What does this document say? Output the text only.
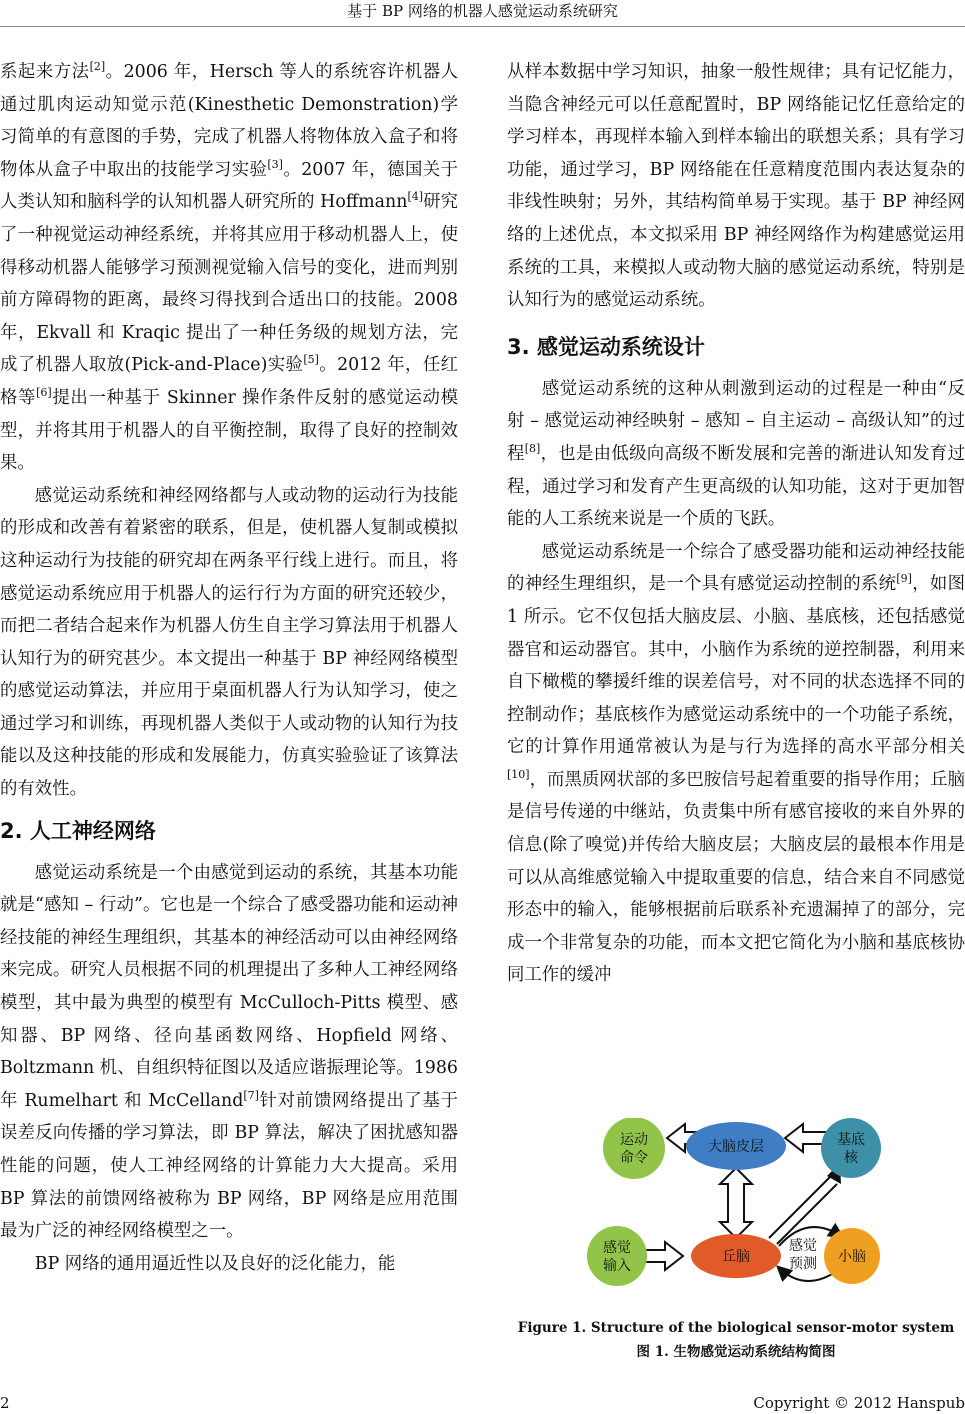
基于 BP 网络的机器人感觉运动系统研究

系起来方法[2]。2006 年，Hersch 等人的系统容许机器人通过肌肉运动知觉示范(Kinesthetic Demonstration)学习简单的有意图的手势，完成了机器人将物体放入盒子和将物体从盒子中取出的技能学习实验[3]。2007 年，德国关于人类认知和脑科学的认知机器人研究所的 Hoffmann[4]研究了一种视觉运动神经系统，并将其应用于移动机器人上，使得移动机器人能够学习预测视觉输入信号的变化，进而判别前方障碍物的距离，最终习得找到合适出口的技能。2008 年，Ekvall 和 Kraqic 提出了一种任务级的规划方法，完成了机器人取放(Pick-and-Place)实验[5]。2012 年，任红格等[6]提出一种基于 Skinner 操作条件反射的感觉运动模型，并将其用于机器人的自平衡控制，取得了良好的控制效果。

感觉运动系统和神经网络都与人或动物的运动行为技能的形成和改善有着紧密的联系，但是，使机器人复制或模拟这种运动行为技能的研究却在两条平行线上进行。而且，将感觉运动系统应用于机器人的运行行为方面的研究还较少，而把二者结合起来作为机器人仿生自主学习算法用于机器人认知行为的研究甚少。本文提出一种基于 BP 神经网络模型的感觉运动算法，并应用于桌面机器人行为认知学习，使之通过学习和训练，再现机器人类似于人或动物的认知行为技能以及这种技能的形成和发展能力，仿真实验验证了该算法的有效性。

2. 人工神经网络

感觉运动系统是一个由感觉到运动的系统，其基本功能就是“感知 – 行动”。它也是一个综合了感受器功能和运动神经技能的神经生理组织，其基本的神经活动可以由神经网络来完成。研究人员根据不同的机理提出了多种人工神经网络模型，其中最为典型的模型有 McCulloch-Pitts 模型、感知器、BP 网络、径向基函数网络、Hopfield 网络、Boltzmann 机、自组织特征图以及适应谐振理论等。1986 年 Rumelhart 和 McCelland[7]针对前馈网络提出了基于误差反向传播的学习算法，即 BP 算法，解决了困扰感知器性能的问题，使人工神经网络的计算能力大大提高。采用 BP 算法的前馈网络被称为 BP 网络，BP 网络是应用范围最为广泛的神经网络模型之一。

BP 网络的通用逼近性以及良好的泛化能力，能

从样本数据中学习知识，抽象一般性规律；具有记忆能力，当隐含神经元可以任意配置时，BP 网络能记忆任意给定的学习样本，再现样本输入到样本输出的联想关系；具有学习功能，通过学习，BP 网络能在任意精度范围内表达复杂的非线性映射；另外，其结构简单易于实现。基于 BP 神经网络的上述优点，本文拟采用 BP 神经网络作为构建感觉运用系统的工具，来模拟人或动物大脑的感觉运动系统，特别是认知行为的感觉运动系统。

3. 感觉运动系统设计

感觉运动系统的这种从刺激到运动的过程是一种由“反射 – 感觉运动神经映射 – 感知 – 自主运动 – 高级认知”的过程[8]，也是由低级向高级不断发展和完善的渐进认知发育过程，通过学习和发育产生更高级的认知功能，这对于更加智能的人工系统来说是一个质的飞跃。

感觉运动系统是一个综合了感受器功能和运动神经技能的神经生理组织，是一个具有感觉运动控制的系统[9]，如图 1 所示。它不仅包括大脑皮层、小脑、基底核，还包括感觉器官和运动器官。其中，小脑作为系统的逆控制器，利用来自下橄榄的攀援纤维的误差信号，对不同的状态选择不同的控制动作；基底核作为感觉运动系统中的一个功能子系统，它的计算作用通常被认为是与行为选择的高水平部分相关[10]，而黑质网状部的多巴胺信号起着重要的指导作用；丘脑是信号传递的中继站，负责集中所有感官接收的来自外界的信息(除了嗅觉)并传给大脑皮层；大脑皮层的最根本作用是可以从高维感觉输入中提取重要的信息，结合来自不同感觉形态中的输入，能够根据前后联系补充遗漏掉了的部分，完成一个非常复杂的功能，而本文把它简化为小脑和基底核协同工作的缓冲

运动
命令
大脑皮层	基底
核
感觉
输入
丘脑
感觉
预测 小脑
Figure 1. Structure of the biological sensor-motor system
图 1. 生物感觉运动系统结构简图
2	Copyright © 2012 Hanspub
